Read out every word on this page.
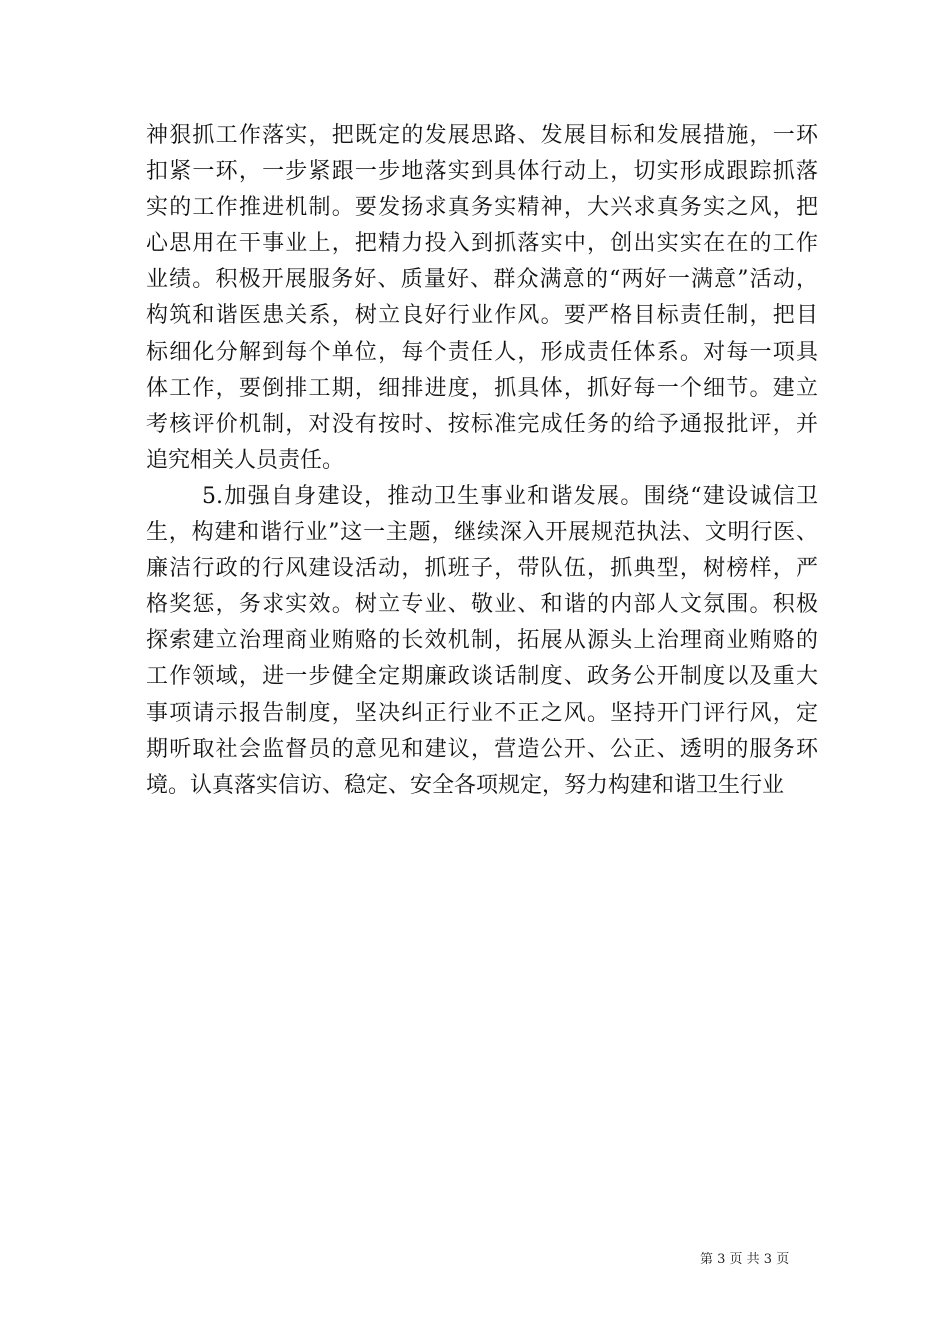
神狠抓工作落实，把既定的发展思路、发展目标和发展措施，一环
扣紧一环，一步紧跟一步地落实到具体行动上，切实形成跟踪抓落
实的工作推进机制。要发扬求真务实精神，大兴求真务实之风，把
心思用在干事业上，把精力投入到抓落实中，创出实实在在的工作
业绩。积极开展服务好、质量好、群众满意的“两好一满意”活动，
构筑和谐医患关系，树立良好行业作风。要严格目标责任制，把目
标细化分解到每个单位，每个责任人，形成责任体系。对每一项具
体工作，要倒排工期，细排进度，抓具体，抓好每一个细节。建立
考核评价机制，对没有按时、按标准完成任务的给予通报批评，并
追究相关人员责任。
5.加强自身建设，推动卫生事业和谐发展。围绕“建设诚信卫
生，构建和谐行业”这一主题，继续深入开展规范执法、文明行医、
廉洁行政的行风建设活动，抓班子，带队伍，抓典型，树榜样，严
格奖惩，务求实效。树立专业、敬业、和谐的内部人文氛围。积极
探索建立治理商业贿赂的长效机制，拓展从源头上治理商业贿赂的
工作领域，进一步健全定期廉政谈话制度、政务公开制度以及重大
事项请示报告制度，坚决纠正行业不正之风。坚持开门评行风，定
期听取社会监督员的意见和建议，营造公开、公正、透明的服务环
境。认真落实信访、稳定、安全各项规定，努力构建和谐卫生行业
第 3 页 共 3 页
